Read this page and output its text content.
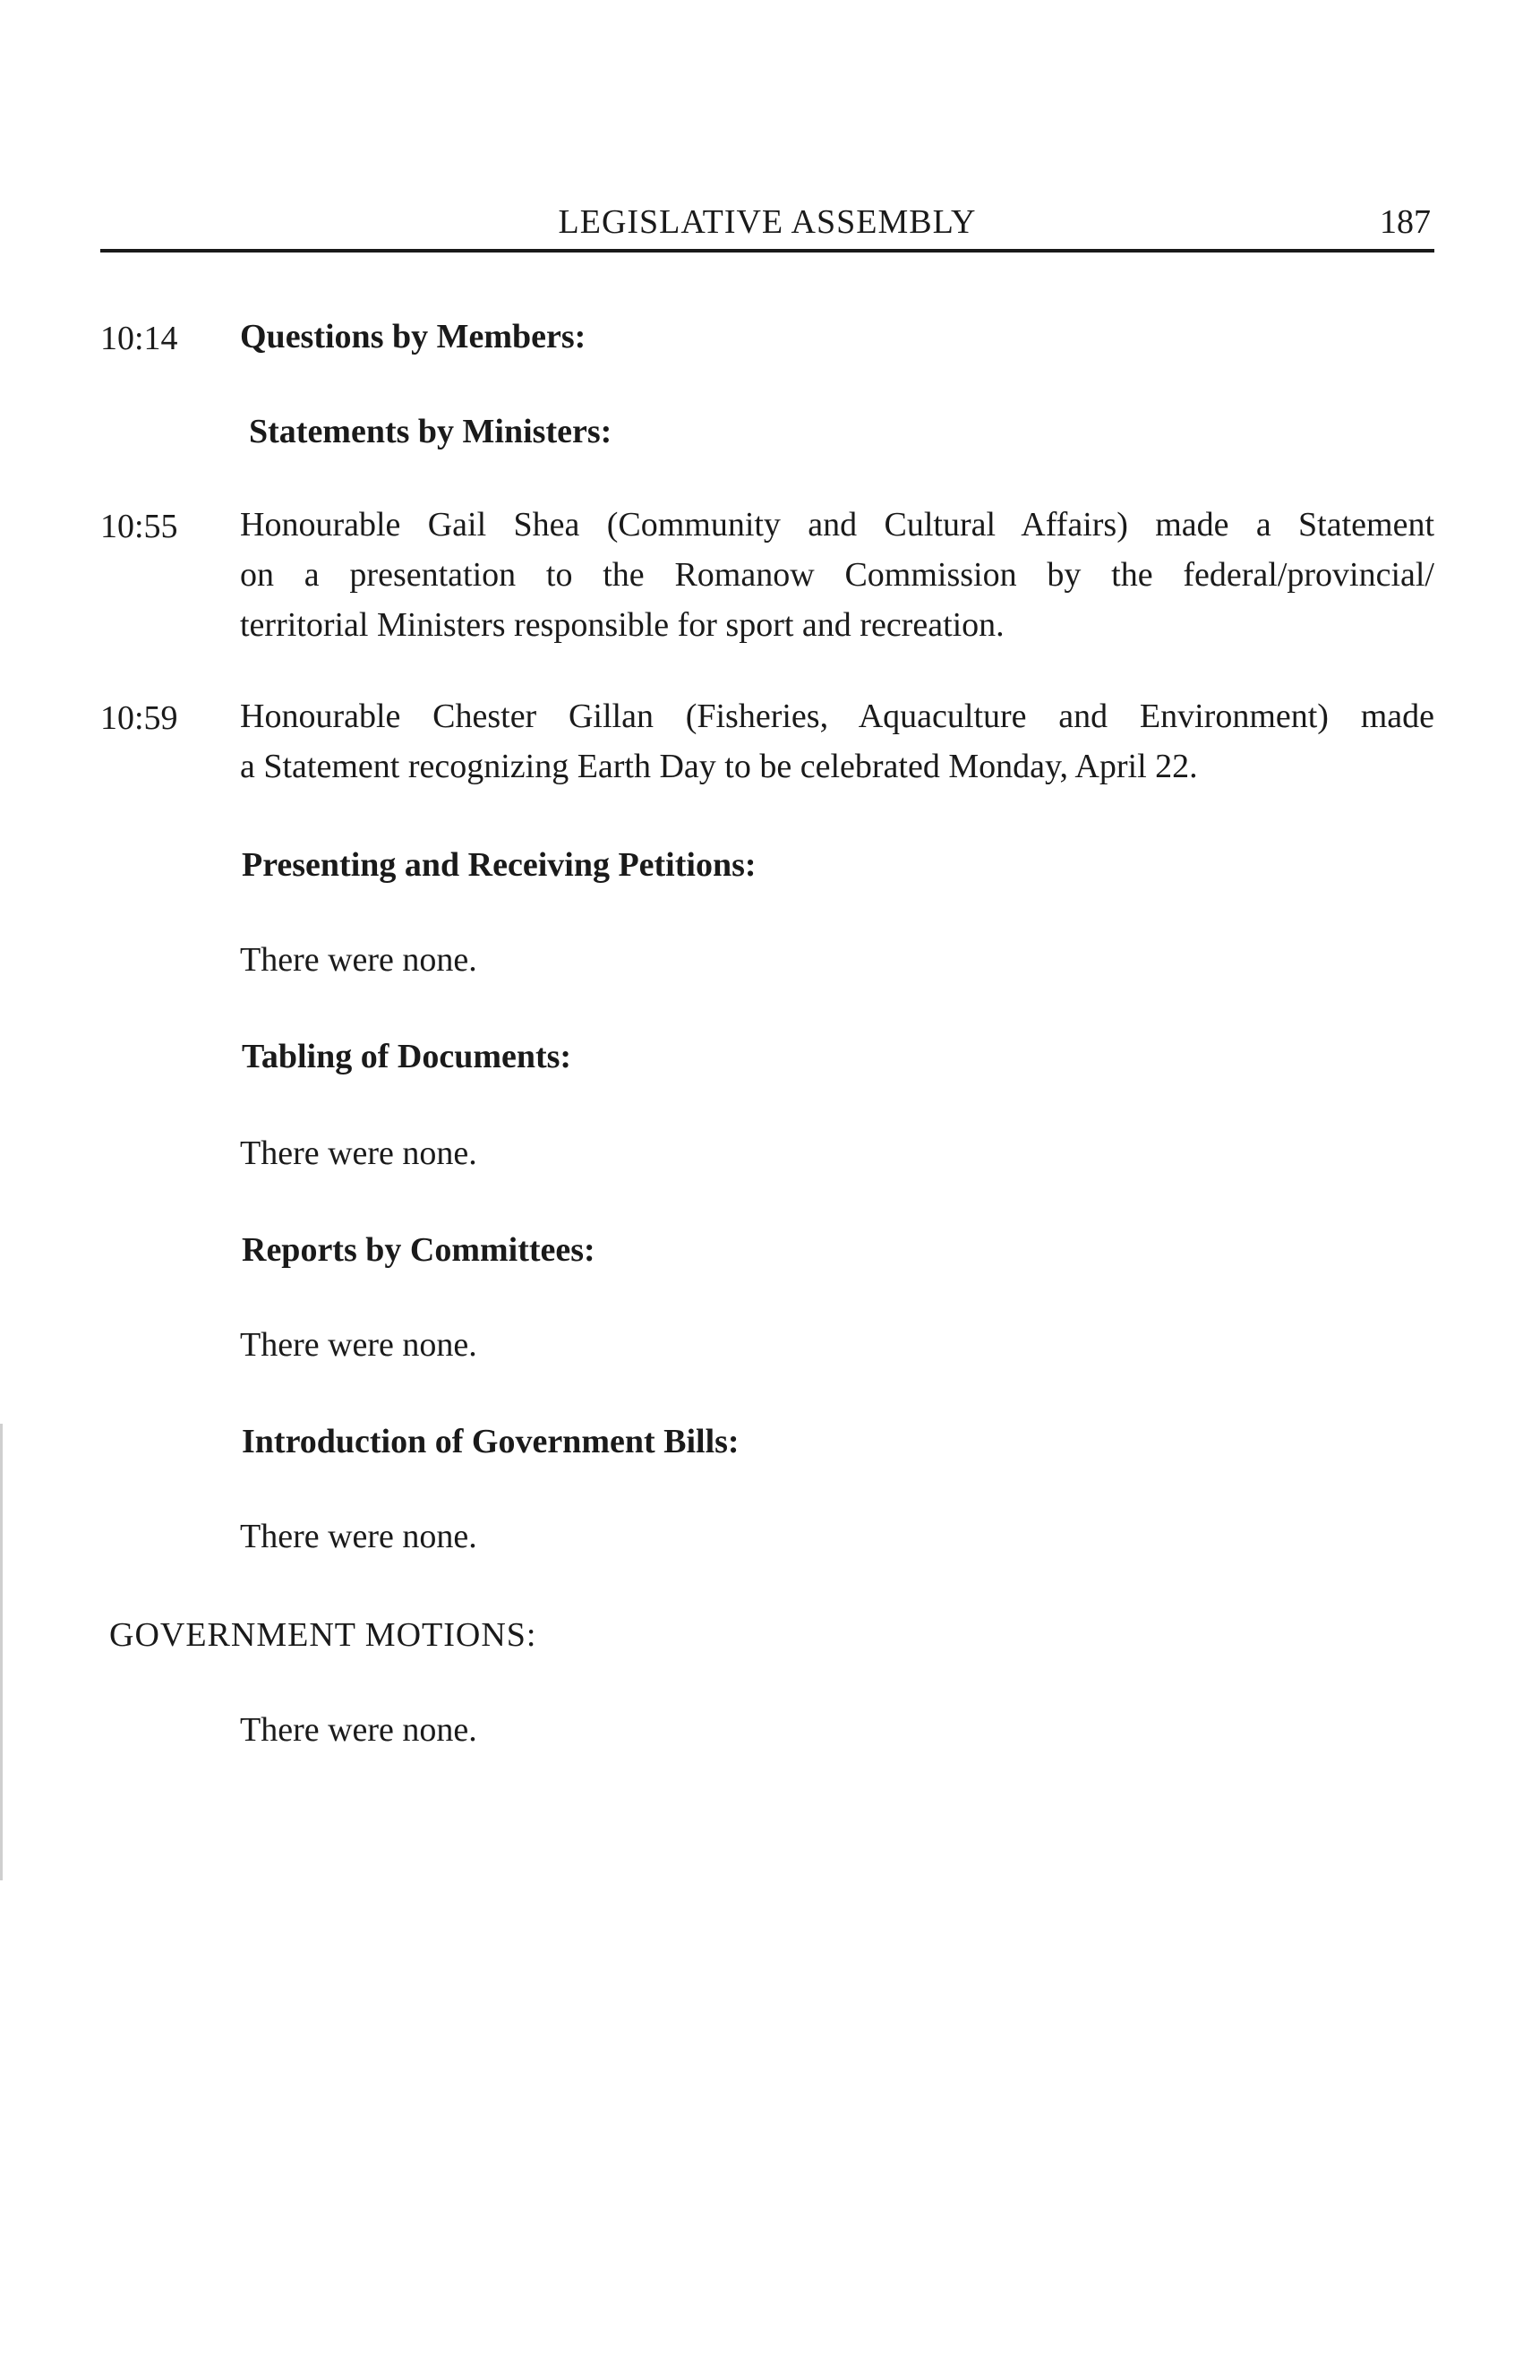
LEGISLATIVE ASSEMBLY	187
10:14 Questions by Members:
Statements by Ministers:
10:55 Honourable Gail Shea (Community and Cultural Affairs) made a Statement
on a presentation to the Romanow Commission by the federal/provincial/
territorial Ministers responsible for sport and recreation.
10:59 Honourable Chester Gillan (Fisheries, Aquaculture and Environment) made
a Statement recognizing Earth Day to be celebrated Monday, April 22.
Presenting and Receiving Petitions:
There were none.
Tabling of Documents:
There were none.
Reports by Committees:
There were none.
Introduction of Government Bills:
There were none.
GOVERNMENT MOTIONS:
There were none.
